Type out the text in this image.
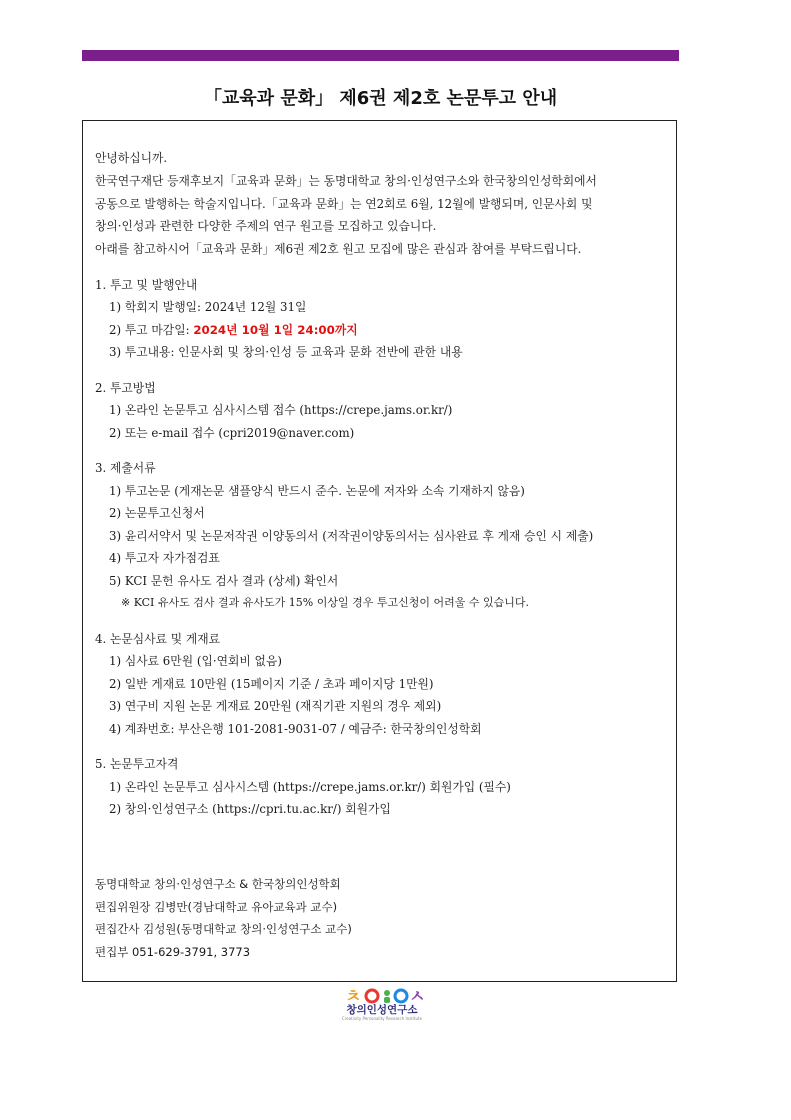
「교육과 문화」 제6권 제2호 논문투고 안내
안녕하십니까.
한국연구재단 등재후보지「교육과 문화」는 동명대학교 창의·인성연구소와 한국창의인성학회에서
공동으로 발행하는 학술지입니다.「교육과 문화」는 연2회로 6월, 12월에 발행되며, 인문사회 및
창의·인성과 관련한 다양한 주제의 연구 원고를 모집하고 있습니다.
아래를 참고하시어「교육과 문화」제6권 제2호 원고 모집에 많은 관심과 참여를 부탁드립니다.
1. 투고 및 발행안내
1) 학회지 발행일: 2024년 12월 31일
2) 투고 마감일: 2024년 10월 1일 24:00까지
3) 투고내용: 인문사회 및 창의·인성 등 교육과 문화 전반에 관한 내용
2. 투고방법
1) 온라인 논문투고 심사시스템 접수 (https://crepe.jams.or.kr/)
2) 또는 e-mail 접수 (cpri2019@naver.com)
3. 제출서류
1) 투고논문 (게재논문 샘플양식 반드시 준수. 논문에 저자와 소속 기재하지 않음)
2) 논문투고신청서
3) 윤리서약서 및 논문저작권 이양동의서 (저작권이양동의서는 심사완료 후 게재 승인 시 제출)
4) 투고자 자가점검표
5) KCI 문헌 유사도 검사 결과 (상세) 확인서
※ KCI 유사도 검사 결과 유사도가 15% 이상일 경우 투고신청이 어려울 수 있습니다.
4. 논문심사료 및 게재료
1) 심사료 6만원 (입·연회비 없음)
2) 일반 게재료 10만원 (15페이지 기준 / 초과 페이지당 1만원)
3) 연구비 지원 논문 게재료 20만원 (재직기관 지원의 경우 제외)
4) 계좌번호: 부산은행 101-2081-9031-07 / 예금주: 한국창의인성학회
5. 논문투고자격
1) 온라인 논문투고 심사시스템 (https://crepe.jams.or.kr/) 회원가입 (필수)
2) 창의·인성연구소 (https://cpri.tu.ac.kr/) 회원가입
동명대학교 창의·인성연구소 & 한국창의인성학회
편집위원장 김병만(경남대학교 유아교육과 교수)
편집간사 김성원(동명대학교 창의·인성연구소 교수)
편집부 051-629-3791, 3773
ㅊ	ㅅ
창의인성연구소
Creativity Personality Research Institute
